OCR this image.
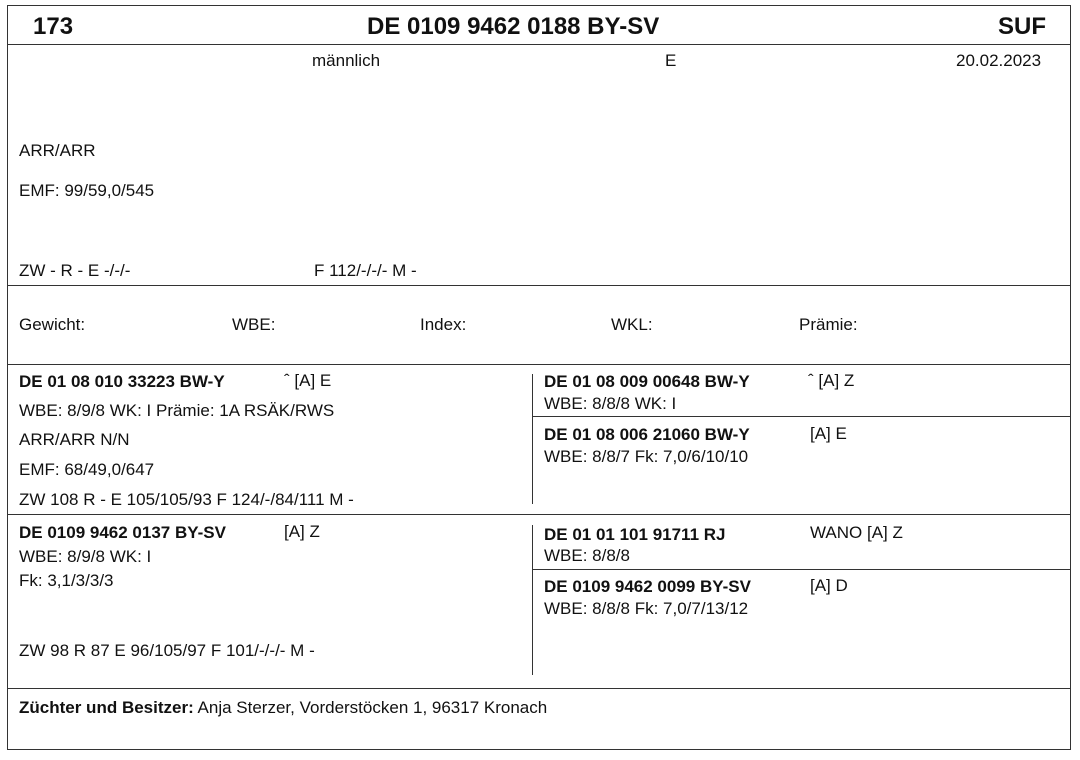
173	DE 0109 9462 0188 BY-SV	SUF
männlich	E	20.02.2023
ARR/ARR
EMF: 99/59,0/545
ZW - R - E -/-/-	F 112/-/-/- M -
Gewicht:	WBE:	Index:	WKL:	Prämie:
DE 01 08 010 33223 BW-Y	ˆ [A] E
WBE: 8/9/8 WK: I Prämie: 1A RSÄK/RWS
ARR/ARR N/N
EMF: 68/49,0/647
ZW 108 R - E 105/105/93 F 124/-/84/111 M -
DE 01 08 009 00648 BW-Y	ˆ [A] Z
WBE: 8/8/8 WK: I
DE 01 08 006 21060 BW-Y	[A] E
WBE: 8/8/7 Fk: 7,0/6/10/10
DE 0109 9462 0137 BY-SV	[A] Z
WBE: 8/9/8 WK: I
Fk: 3,1/3/3/3
ZW 98 R 87 E 96/105/97 F 101/-/-/- M -
DE 01 01 101 91711 RJ	WANO [A] Z
WBE: 8/8/8
DE 0109 9462 0099 BY-SV	[A] D
WBE: 8/8/8 Fk: 7,0/7/13/12
Züchter und Besitzer: Anja Sterzer, Vorderstöcken 1, 96317 Kronach
